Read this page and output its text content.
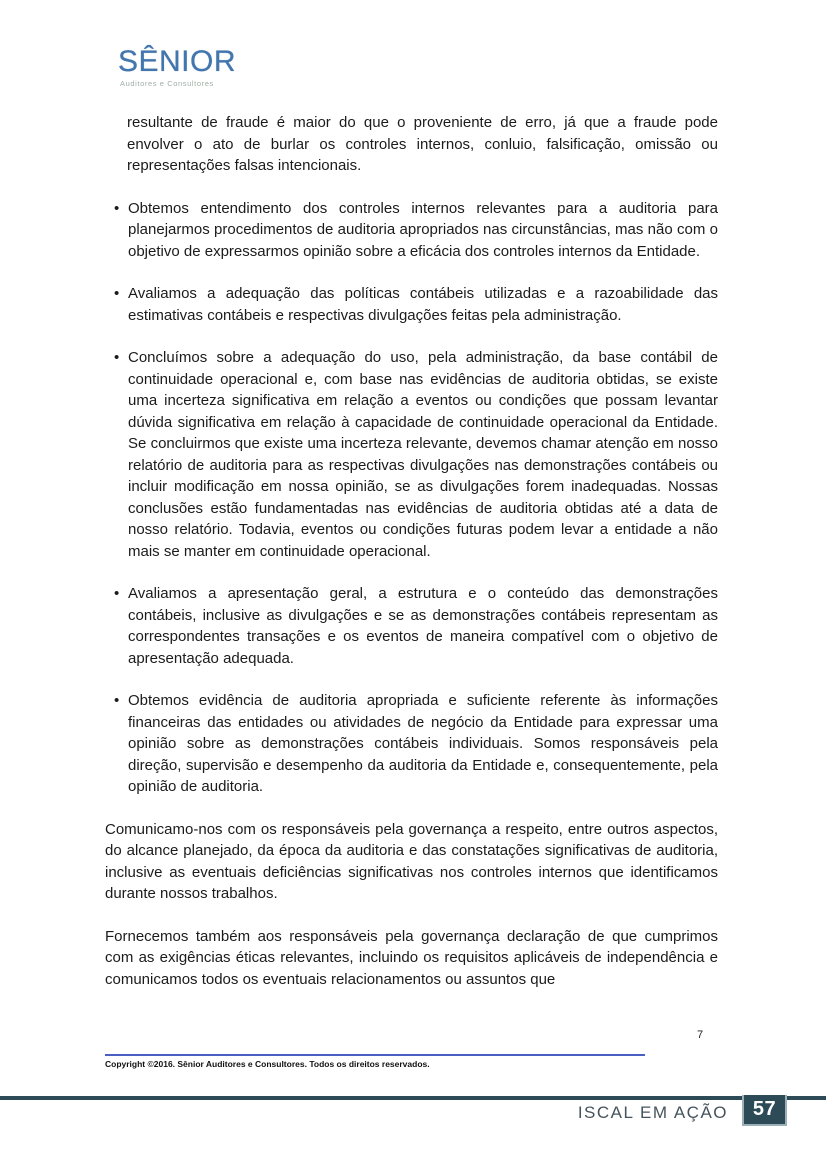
SÊNIOR
Auditores e Consultores

resultante de fraude é maior do que o proveniente de erro, já que a fraude pode envolver o ato de burlar os controles internos, conluio, falsificação, omissão ou representações falsas intencionais.

• Obtemos entendimento dos controles internos relevantes para a auditoria para planejarmos procedimentos de auditoria apropriados nas circunstâncias, mas não com o objetivo de expressarmos opinião sobre a eficácia dos controles internos da Entidade.
• Avaliamos a adequação das políticas contábeis utilizadas e a razoabilidade das estimativas contábeis e respectivas divulgações feitas pela administração.
• Concluímos sobre a adequação do uso, pela administração, da base contábil de continuidade operacional e, com base nas evidências de auditoria obtidas, se existe uma incerteza significativa em relação a eventos ou condições que possam levantar dúvida significativa em relação à capacidade de continuidade operacional da Entidade. Se concluirmos que existe uma incerteza relevante, devemos chamar atenção em nosso relatório de auditoria para as respectivas divulgações nas demonstrações contábeis ou incluir modificação em nossa opinião, se as divulgações forem inadequadas. Nossas conclusões estão fundamentadas nas evidências de auditoria obtidas até a data de nosso relatório. Todavia, eventos ou condições futuras podem levar a entidade a não mais se manter em continuidade operacional.
• Avaliamos a apresentação geral, a estrutura e o conteúdo das demonstrações contábeis, inclusive as divulgações e se as demonstrações contábeis representam as correspondentes transações e os eventos de maneira compatível com o objetivo de apresentação adequada.
• Obtemos evidência de auditoria apropriada e suficiente referente às informações financeiras das entidades ou atividades de negócio da Entidade para expressar uma opinião sobre as demonstrações contábeis individuais. Somos responsáveis pela direção, supervisão e desempenho da auditoria da Entidade e, consequentemente, pela opinião de auditoria.

Comunicamo-nos com os responsáveis pela governança a respeito, entre outros aspectos, do alcance planejado, da época da auditoria e das constatações significativas de auditoria, inclusive as eventuais deficiências significativas nos controles internos que identificamos durante nossos trabalhos.

Fornecemos também aos responsáveis pela governança declaração de que cumprimos com as exigências éticas relevantes, incluindo os requisitos aplicáveis de independência e comunicamos todos os eventuais relacionamentos ou assuntos que

7
Copyright ©2016. Sênior Auditores e Consultores. Todos os direitos reservados.
ISCAL EM AÇÃO 57
